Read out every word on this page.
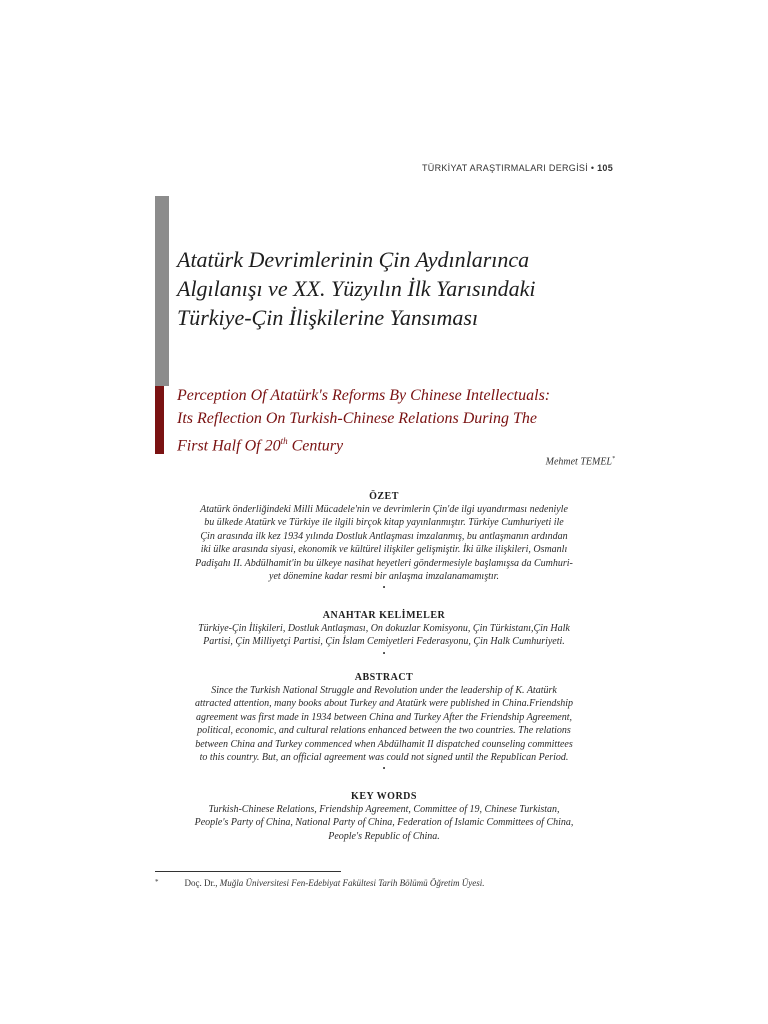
TÜRKİYAT ARAŞTIRMALARI DERGİSİ • 105
Atatürk Devrimlerinin Çin Aydınlarınca
Algılanışı ve XX. Yüzyılın İlk Yarısındaki
Türkiye-Çin İlişkilerine Yansıması
Perception Of Atatürk's Reforms By Chinese Intellectuals:
Its Reflection On Turkish-Chinese Relations During The
First Half Of 20th Century
Mehmet TEMEL*

ÖZET

Atatürk önderliğindeki Milli Mücadele'nin ve devrimlerin Çin'de ilgi uyandırması nedeniyle

bu ülkede Atatürk ve Türkiye ile ilgili birçok kitap yayınlanmıştır. Türkiye Cumhuriyeti ile

Çin arasında ilk kez 1934 yılında Dostluk Antlaşması imzalanmış, bu antlaşmanın ardından

iki ülke arasında siyasi, ekonomik ve kültürel ilişkiler gelişmiştir. İki ülke ilişkileri, Osmanlı

Padişahı II. Abdülhamit'in bu ülkeye nasihat heyetleri göndermesiyle başlamışsa da Cumhuri-

yet dönemine kadar resmi bir anlaşma imzalanamamıştır.

•

ANAHTAR KELİMELER

Türkiye-Çin İlişkileri, Dostluk Antlaşması, On dokuzlar Komisyonu, Çin Türkistanı,Çin Halk

Partisi, Çin Milliyetçi Partisi, Çin İslam Cemiyetleri Federasyonu, Çin Halk Cumhuriyeti.

•

ABSTRACT

Since the Turkish National Struggle and Revolution under the leadership of K. Atatürk

attracted attention, many books about Turkey and Atatürk were published in China.Friendship

agreement was first made in 1934 between China and Turkey After the Friendship Agreement,

political, economic, and cultural relations enhanced between the two countries. The relations

between China and Turkey commenced when Abdülhamit II dispatched counseling committees

to this country. But, an official agreement was could not signed until the Republican Period.

•

KEY WORDS

Turkish-Chinese Relations, Friendship Agreement, Committee of 19, Chinese Turkistan,

People's Party of China, National Party of China, Federation of Islamic Committees of China,

People's Republic of China.

*	Doç. Dr., Muğla Üniversitesi Fen-Edebiyat Fakültesi Tarih Bölümü Öğretim Üyesi.
